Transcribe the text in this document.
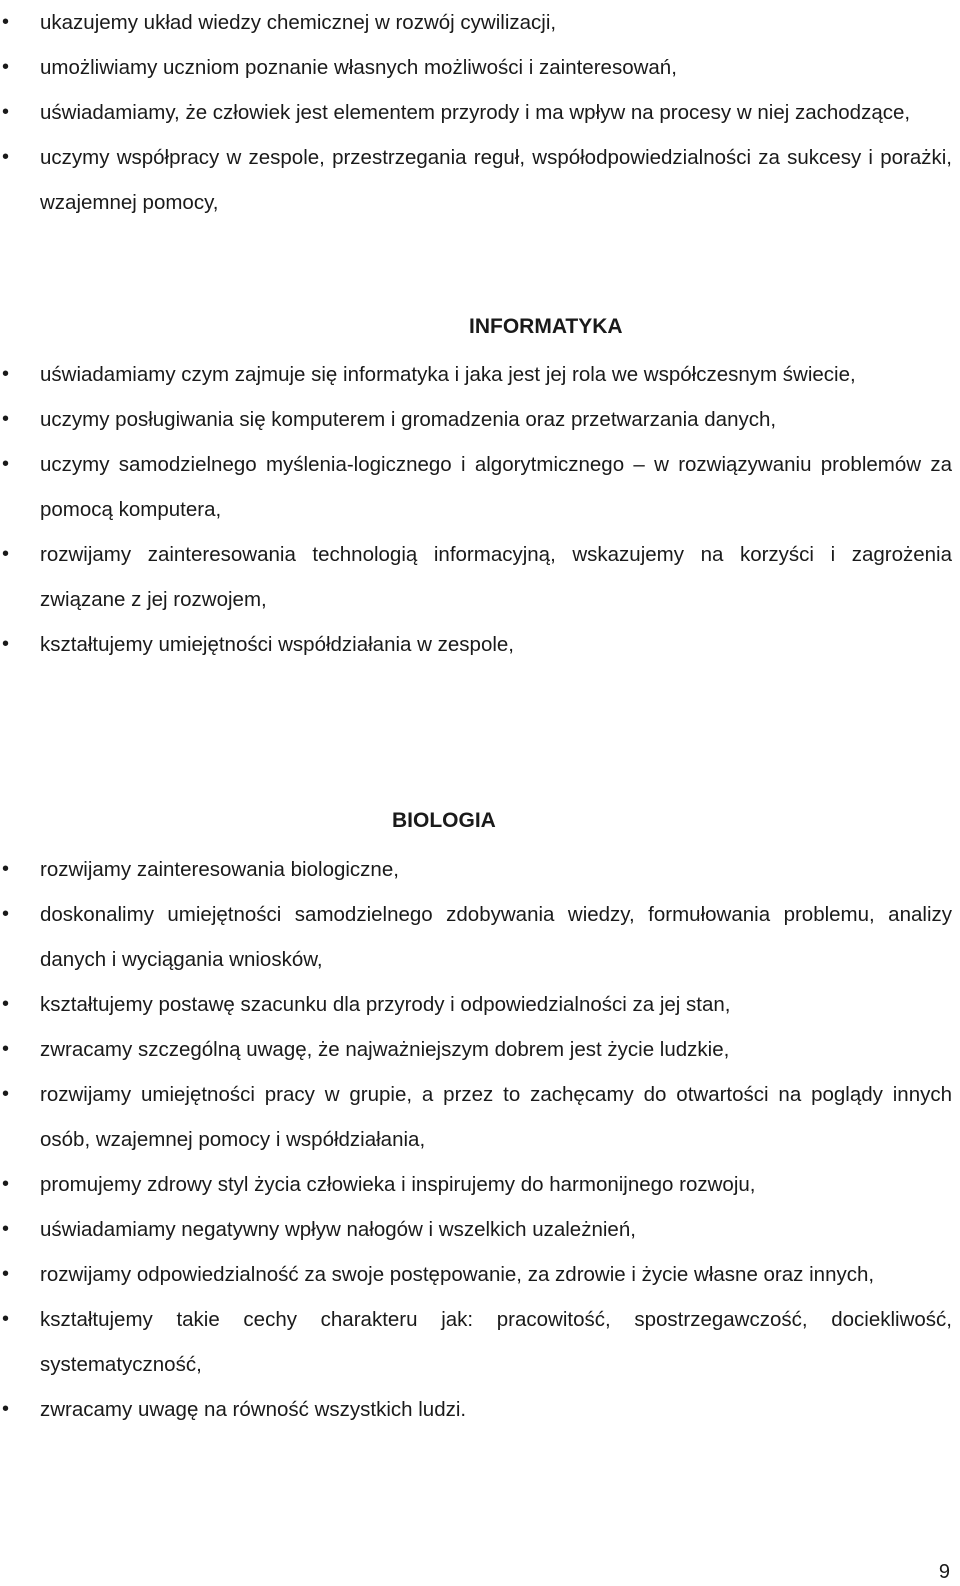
•	ukazujemy układ wiedzy chemicznej w rozwój cywilizacji,
•	umożliwiamy uczniom poznanie własnych możliwości i zainteresowań,
•	uświadamiamy, że człowiek jest elementem przyrody i ma wpływ na procesy w niej zachodzące,
•	uczymy współpracy w zespole, przestrzegania reguł, współodpowiedzialności za sukcesy i porażki, wzajemnej pomocy,
INFORMATYKA
•	uświadamiamy czym zajmuje się informatyka i jaka jest jej rola we współczesnym świecie,
•	uczymy posługiwania się komputerem i gromadzenia oraz przetwarzania danych,
•	uczymy samodzielnego myślenia-logicznego i algorytmicznego – w rozwiązywaniu problemów za pomocą komputera,
•	rozwijamy zainteresowania technologią informacyjną, wskazujemy na korzyści i zagrożenia związane z jej rozwojem,
•	kształtujemy umiejętności współdziałania w zespole,
BIOLOGIA
•	rozwijamy zainteresowania biologiczne,
•	doskonalimy umiejętności samodzielnego zdobywania wiedzy, formułowania problemu, analizy danych i wyciągania wniosków,
•	kształtujemy postawę szacunku dla przyrody i odpowiedzialności za jej stan,
•	zwracamy szczególną uwagę, że najważniejszym dobrem jest życie ludzkie,
•	rozwijamy umiejętności pracy w grupie, a przez to zachęcamy do otwartości na poglądy innych osób, wzajemnej pomocy i współdziałania,
•	promujemy zdrowy styl życia człowieka i inspirujemy do harmonijnego rozwoju,
•	uświadamiamy negatywny wpływ nałogów i wszelkich uzależnień,
•	rozwijamy odpowiedzialność za swoje postępowanie, za zdrowie i życie własne oraz innych,
•	kształtujemy takie cechy charakteru jak: pracowitość, spostrzegawczość, dociekliwość, systematyczność,
•	zwracamy uwagę na równość wszystkich ludzi.
9
